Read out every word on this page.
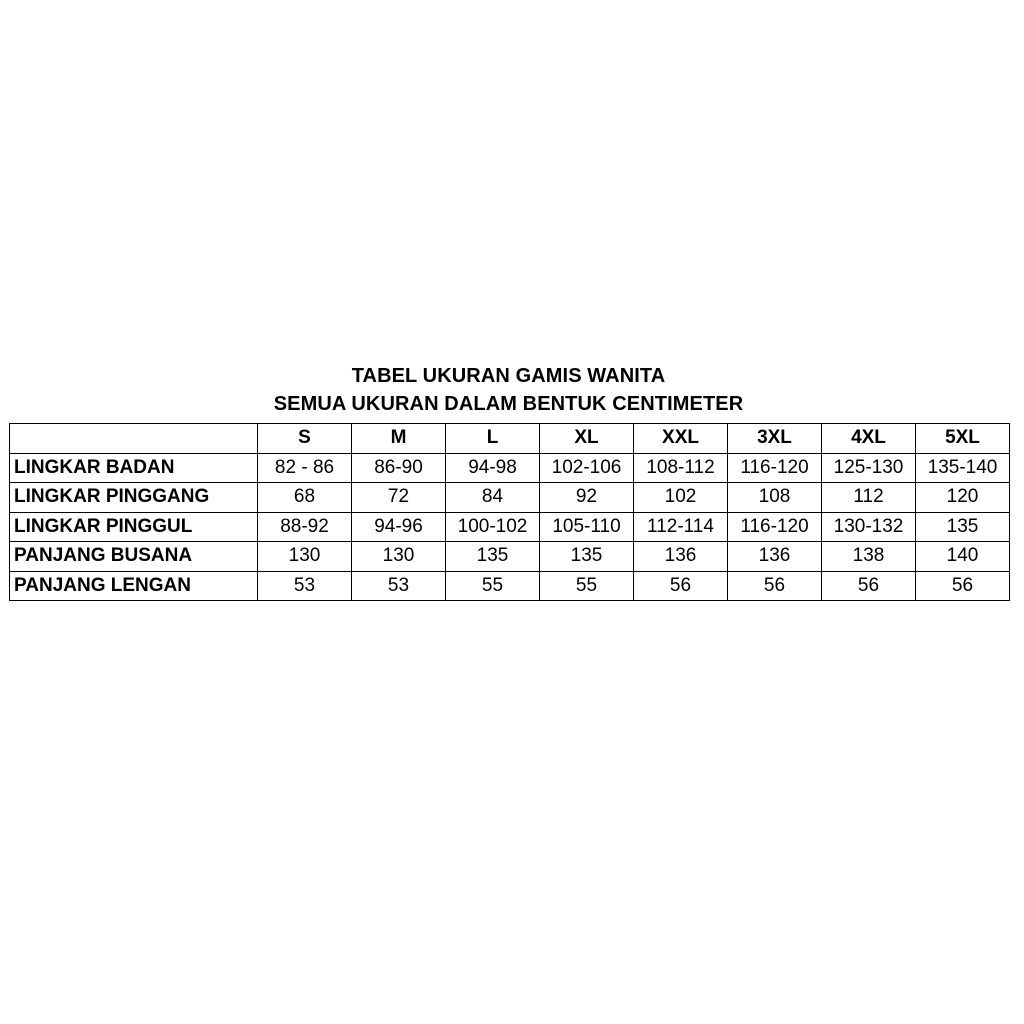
TABEL UKURAN GAMIS WANITA
SEMUA UKURAN DALAM BENTUK CENTIMETER
	S	M	L	XL	XXL	3XL	4XL	5XL
LINGKAR BADAN	82 - 86	86-90	94-98	102-106	108-112	116-120	125-130	135-140
LINGKAR PINGGANG	68	72	84	92	102	108	112	120
LINGKAR PINGGUL	88-92	94-96	100-102	105-110	112-114	116-120	130-132	135
PANJANG BUSANA	130	130	135	135	136	136	138	140
PANJANG LENGAN	53	53	55	55	56	56	56	56
